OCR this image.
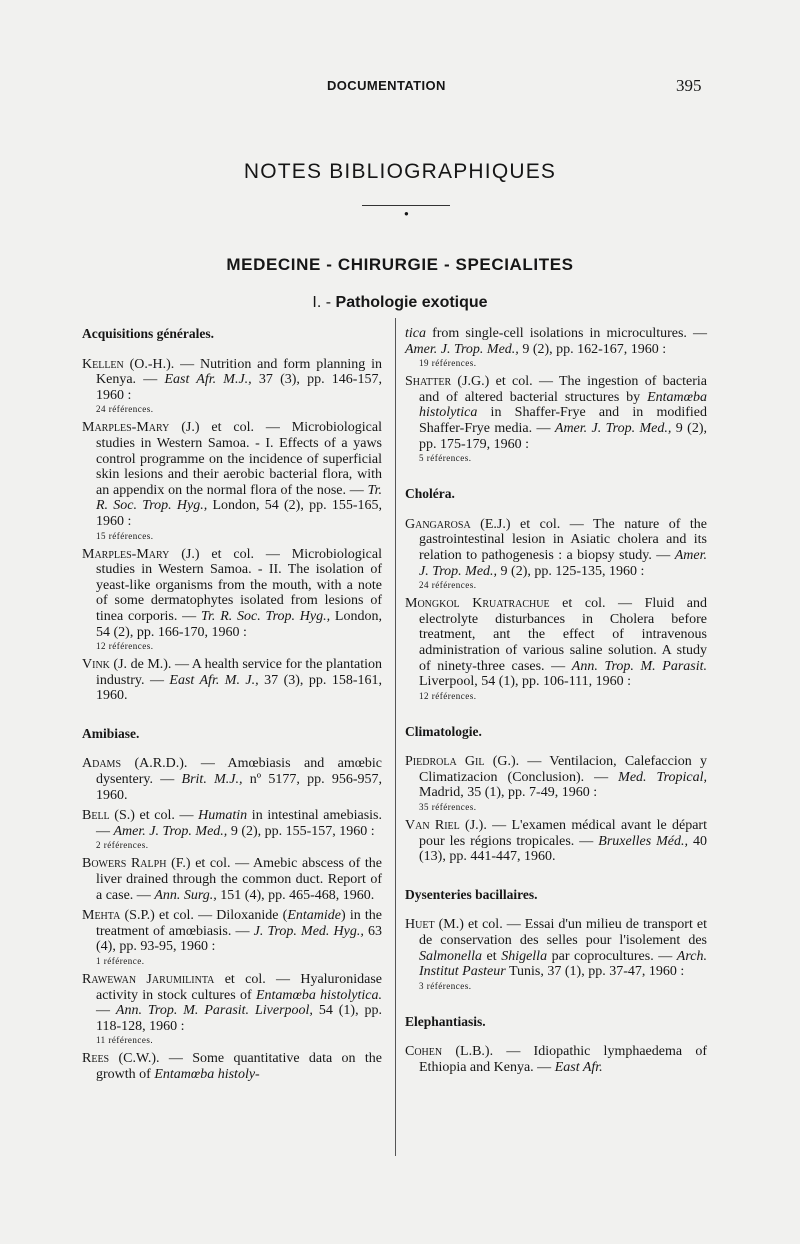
DOCUMENTATION	395
NOTES BIBLIOGRAPHIQUES
●
MEDECINE - CHIRURGIE - SPECIALITES
I. - Pathologie exotique

Acquisitions générales.

Kellen (O.-H.). — Nutrition and form planning in Kenya. — East Afr. M.J., 37 (3), pp. 146-157, 1960 :

24 références.

Marples-Mary (J.) et col. — Microbiological studies in Western Samoa. - I. Effects of a yaws control programme on the incidence of superficial skin lesions and their aerobic bacterial flora, with an appendix on the normal flora of the nose. — Tr. R. Soc. Trop. Hyg., London, 54 (2), pp. 155-165, 1960 :

15 références.

Marples-Mary (J.) et col. — Microbiological studies in Western Samoa. - II. The isolation of yeast-like organisms from the mouth, with a note of some dermatophytes isolated from lesions of tinea corporis. — Tr. R. Soc. Trop. Hyg., London, 54 (2), pp. 166-170, 1960 :

12 références.

Vink (J. de M.). — A health service for the plantation industry. — East Afr. M. J., 37 (3), pp. 158-161, 1960.

Amibiase.

Adams (A.R.D.). — Amœbiasis and amœbic dysentery. — Brit. M.J., nº 5177, pp. 956-957, 1960.

Bell (S.) et col. — Humatin in intestinal amebiasis. — Amer. J. Trop. Med., 9 (2), pp. 155-157, 1960 :

2 références.

Bowers Ralph (F.) et col. — Amebic abscess of the liver drained through the common duct. Report of a case. — Ann. Surg., 151 (4), pp. 465-468, 1960.

Mehta (S.P.) et col. — Diloxanide (Entamide) in the treatment of amœbiasis. — J. Trop. Med. Hyg., 63 (4), pp. 93-95, 1960 :

1 référence.

Rawewan Jarumilinta et col. — Hyaluronidase activity in stock cultures of Entamœba histolytica. — Ann. Trop. M. Parasit. Liverpool, 54 (1), pp. 118-128, 1960 :

11 références.

Rees (C.W.). — Some quantitative data on the growth of Entamœba histoly-

tica from single-cell isolations in microcultures. — Amer. J. Trop. Med., 9 (2), pp. 162-167, 1960 :

19 références.

Shatter (J.G.) et col. — The ingestion of bacteria and of altered bacterial structures by Entamœba histolytica in Shaffer-Frye and in modified Shaffer-Frye media. — Amer. J. Trop. Med., 9 (2), pp. 175-179, 1960 :

5 références.

Choléra.

Gangarosa (E.J.) et col. — The nature of the gastrointestinal lesion in Asiatic cholera and its relation to pathogenesis : a biopsy study. — Amer. J. Trop. Med., 9 (2), pp. 125-135, 1960 :

24 références.

Mongkol Kruatrachue et col. — Fluid and electrolyte disturbances in Cholera before treatment, ant the effect of intravenous administration of various saline solution. A study of ninety-three cases. — Ann. Trop. M. Parasit. Liverpool, 54 (1), pp. 106-111, 1960 :

12 références.

Climatologie.

Piedrola Gil (G.). — Ventilacion, Calefaccion y Climatizacion (Conclusion). — Med. Tropical, Madrid, 35 (1), pp. 7-49, 1960 :

35 références.

Van Riel (J.). — L'examen médical avant le départ pour les régions tropicales. — Bruxelles Méd., 40 (13), pp. 441-447, 1960.

Dysenteries bacillaires.

Huet (M.) et col. — Essai d'un milieu de transport et de conservation des selles pour l'isolement des Salmonella et Shigella par coprocultures. — Arch. Institut Pasteur Tunis, 37 (1), pp. 37-47, 1960 :

3 références.

Elephantiasis.

Cohen (L.B.). — Idiopathic lymphaedema of Ethiopia and Kenya. — East Afr.
